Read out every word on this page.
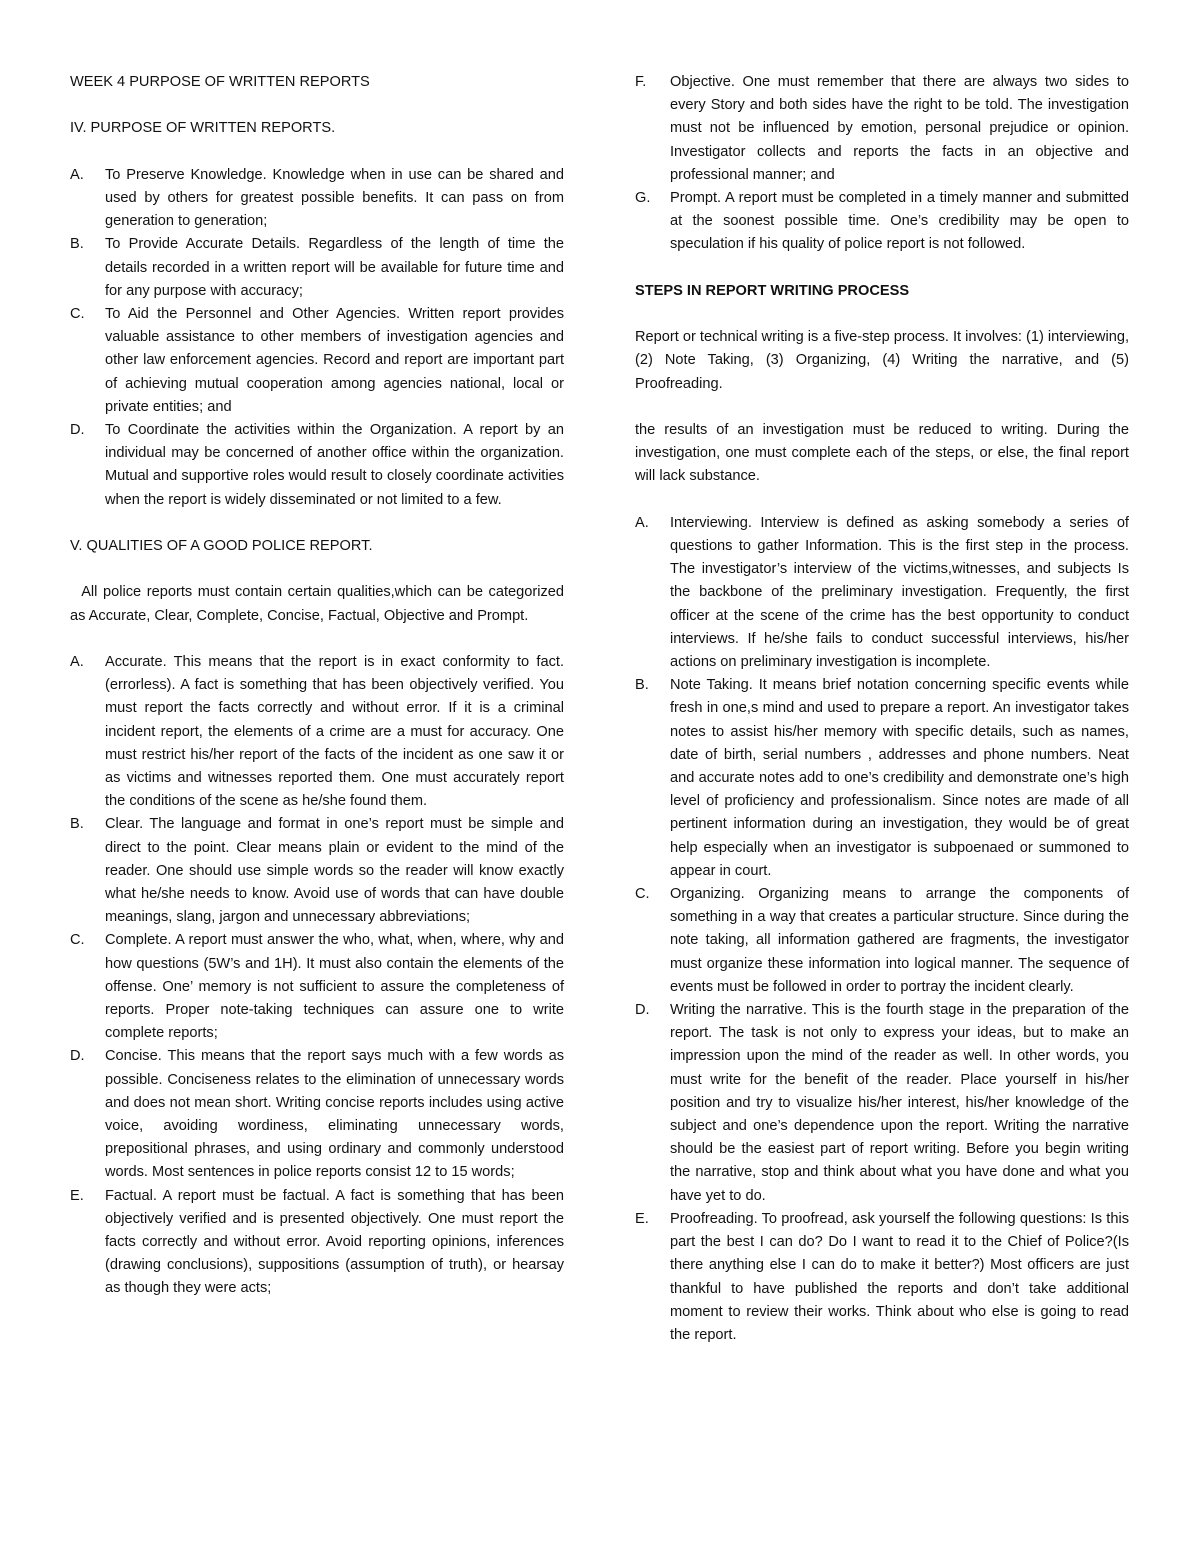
WEEK 4 PURPOSE OF WRITTEN REPORTS

IV. PURPOSE OF WRITTEN REPORTS.

A. To Preserve Knowledge. Knowledge when in use can be shared and used by others for greatest possible benefits. It can pass on from generation to generation;
B. To Provide Accurate Details. Regardless of the length of time the details recorded in a written report will be available for future time and for any purpose with accuracy;
C. To Aid the Personnel and Other Agencies. Written report provides valuable assistance to other members of investigation agencies and other law enforcement agencies. Record and report are important part of achieving mutual cooperation among agencies national, local or private entities; and
D. To Coordinate the activities within the Organization. A report by an individual may be concerned of another office within the organization. Mutual and supportive roles would result to closely coordinate activities when the report is widely disseminated or not limited to a few.

V. QUALITIES OF A GOOD POLICE REPORT.

All police reports must contain certain qualities,which can be categorized as Accurate, Clear, Complete, Concise, Factual, Objective and Prompt.

A. Accurate. This means that the report is in exact conformity to fact.(errorless). A fact is something that has been objectively verified. You must report the facts correctly and without error. If it is a criminal incident report, the elements of a crime are a must for accuracy. One must restrict his/her report of the facts of the incident as one saw it or as victims and witnesses reported them. One must accurately report the conditions of the scene as he/she found them.
B. Clear. The language and format in one’s report must be simple and direct to the point. Clear means plain or evident to the mind of the reader. One should use simple words so the reader will know exactly what he/she needs to know. Avoid use of words that can have double meanings, slang, jargon and unnecessary abbreviations;
C. Complete. A report must answer the who, what, when, where, why and how questions (5W’s and 1H). It must also contain the elements of the offense. One’ memory is not sufficient to assure the completeness of reports. Proper note-taking techniques can assure one to write complete reports;
D. Concise. This means that the report says much with a few words as possible. Conciseness relates to the elimination of unnecessary words and does not mean short. Writing concise reports includes using active voice, avoiding wordiness, eliminating unnecessary words, prepositional phrases, and using ordinary and commonly understood words. Most sentences in police reports consist 12 to 15 words;
E. Factual. A report must be factual. A fact is something that has been objectively verified and is presented objectively. One must report the facts correctly and without error. Avoid reporting opinions, inferences (drawing conclusions), suppositions (assumption of truth), or hearsay as though they were acts;
F. Objective. One must remember that there are always two sides to every Story and both sides have the right to be told. The investigation must not be influenced by emotion, personal prejudice or opinion. Investigator collects and reports the facts in an objective and professional manner; and
G. Prompt. A report must be completed in a timely manner and submitted at the soonest possible time. One’s credibility may be open to speculation if his quality of police report is not followed.

STEPS IN REPORT WRITING PROCESS

Report or technical writing is a five-step process. It involves: (1) interviewing, (2) Note Taking, (3) Organizing, (4) Writing the narrative, and (5) Proofreading.

the results of an investigation must be reduced to writing. During the investigation, one must complete each of the steps, or else, the final report will lack substance.

A. Interviewing. Interview is defined as asking somebody a series of questions to gather Information. This is the first step in the process. The investigator’s interview of the victims,witnesses, and subjects Is the backbone of the preliminary investigation. Frequently, the first officer at the scene of the crime has the best opportunity to conduct interviews. If he/she fails to conduct successful interviews, his/her actions on preliminary investigation is incomplete.
B. Note Taking. It means brief notation concerning specific events while fresh in one,s mind and used to prepare a report. An investigator takes notes to assist his/her memory with specific details, such as names, date of birth, serial numbers , addresses and phone numbers. Neat and accurate notes add to one’s credibility and demonstrate one’s high level of proficiency and professionalism. Since notes are made of all pertinent information during an investigation, they would be of great help especially when an investigator is subpoenaed or summoned to appear in court.
C. Organizing. Organizing means to arrange the components of something in a way that creates a particular structure. Since during the note taking, all information gathered are fragments, the investigator must organize these information into logical manner. The sequence of events must be followed in order to portray the incident clearly.
D. Writing the narrative. This is the fourth stage in the preparation of the report. The task is not only to express your ideas, but to make an impression upon the mind of the reader as well. In other words, you must write for the benefit of the reader. Place yourself in his/her position and try to visualize his/her interest, his/her knowledge of the subject and one’s dependence upon the report. Writing the narrative should be the easiest part of report writing. Before you begin writing the narrative, stop and think about what you have done and what you have yet to do.
E. Proofreading. To proofread, ask yourself the following questions: Is this part the best I can do? Do I want to read it to the Chief of Police?(Is there anything else I can do to make it better?) Most officers are just thankful to have published the reports and don’t take additional moment to review their works. Think about who else is going to read the report.
